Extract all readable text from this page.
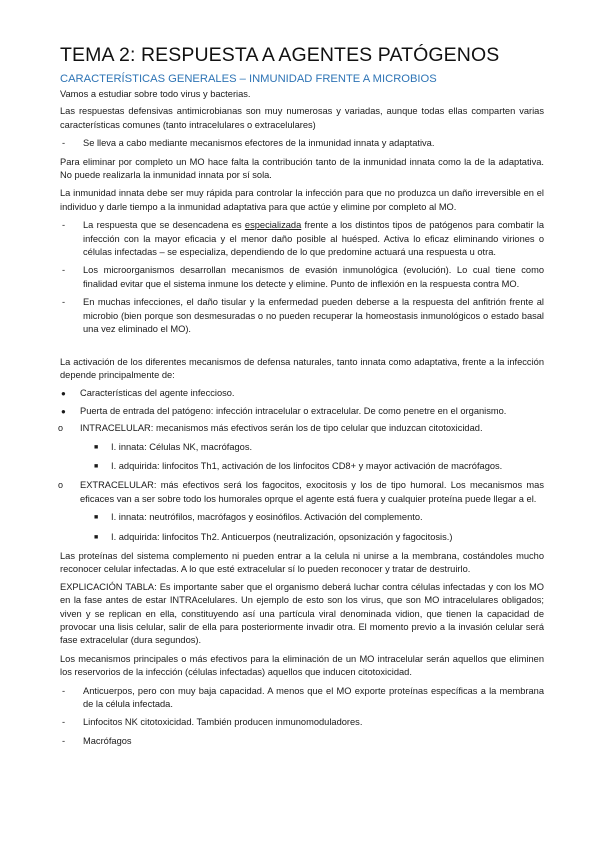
TEMA 2: RESPUESTA A AGENTES PATÓGENOS
CARACTERÍSTICAS GENERALES – INMUNIDAD FRENTE A MICROBIOS

Vamos a estudiar sobre todo virus y bacterias.

Las respuestas defensivas antimicrobianas son muy numerosas y variadas, aunque todas ellas comparten varias características comunes (tanto intracelulares o extracelulares)

- Se lleva a cabo mediante mecanismos efectores de la inmunidad innata y adaptativa.

Para eliminar por completo un MO hace falta la contribución tanto de la inmunidad innata como la de la adaptativa. No puede realizarla la inmunidad innata por sí sola.

La inmunidad innata debe ser muy rápida para controlar la infección para que no produzca un daño irreversible en el individuo y darle tiempo a la inmunidad adaptativa para que actúe y elimine por completo al MO.

- La respuesta que se desencadena es especializada frente a los distintos tipos de patógenos para combatir la infección con la mayor eficacia y el menor daño posible al huésped. Activa lo eficaz eliminando viriones o células infectadas – se especializa, dependiendo de lo que predomine actuará una respuesta u otra.
- Los microorganismos desarrollan mecanismos de evasión inmunológica (evolución). Lo cual tiene como finalidad evitar que el sistema inmune los detecte y elimine. Punto de inflexión en la respuesta contra MO.
- En muchas infecciones, el daño tisular y la enfermedad pueden deberse a la respuesta del anfitrión frente al microbio (bien porque son desmesuradas o no pueden recuperar la homeostasis inmunológicos o estado basal una vez eliminado el MO).

La activación de los diferentes mecanismos de defensa naturales, tanto innata como adaptativa, frente a la infección depende principalmente de:

● Características del agente infeccioso.
● Puerta de entrada del patógeno: infección intracelular o extracelular. De como penetre en el organismo.
o INTRACELULAR: mecanismos más efectivos serán los de tipo celular que induzcan citotoxicidad.
■ I. innata: Células NK, macrófagos.
■ I. adquirida: linfocitos Th1, activación de los linfocitos CD8+ y mayor activación de macrófagos.
o EXTRACELULAR: más efectivos será los fagocitos, exocitosis y los de tipo humoral. Los mecanismos mas eficaces van a ser sobre todo los humorales oprque el agente está fuera y cualquier proteína puede llegar a el.
■ I. innata: neutrófilos, macrófagos y eosinófilos. Activación del complemento.
■ I. adquirida: linfocitos Th2. Anticuerpos (neutralización, opsonización y fagocitosis.)

Las proteínas del sistema complemento ni pueden entrar a la celula ni unirse a la membrana, costándoles mucho reconocer celular infectadas. A lo que esté extracelular sí lo pueden reconocer y tratar de destruirlo.

EXPLICACIÓN TABLA: Es importante saber que el organismo deberá luchar contra células infectadas y con los MO en la fase antes de estar INTRAcelulares. Un ejemplo de esto son los virus, que son MO intracelulares obligados; viven y se replican en ella, constituyendo así una partícula viral denominada vidion, que tienen la capacidad de provocar una lisis celular, salir de ella para posteriormente invadir otra. El momento previo a la invasión celular será fase extracelular (dura segundos).

Los mecanismos principales o más efectivos para la eliminación de un MO intracelular serán aquellos que eliminen los reservorios de la infección (células infectadas) aquellos que inducen citotoxicidad.

- Anticuerpos, pero con muy baja capacidad. A menos que el MO exporte proteínas específicas a la membrana de la célula infectada.
- Linfocitos NK citotoxicidad. También producen inmunomoduladores.
- Macrófagos
